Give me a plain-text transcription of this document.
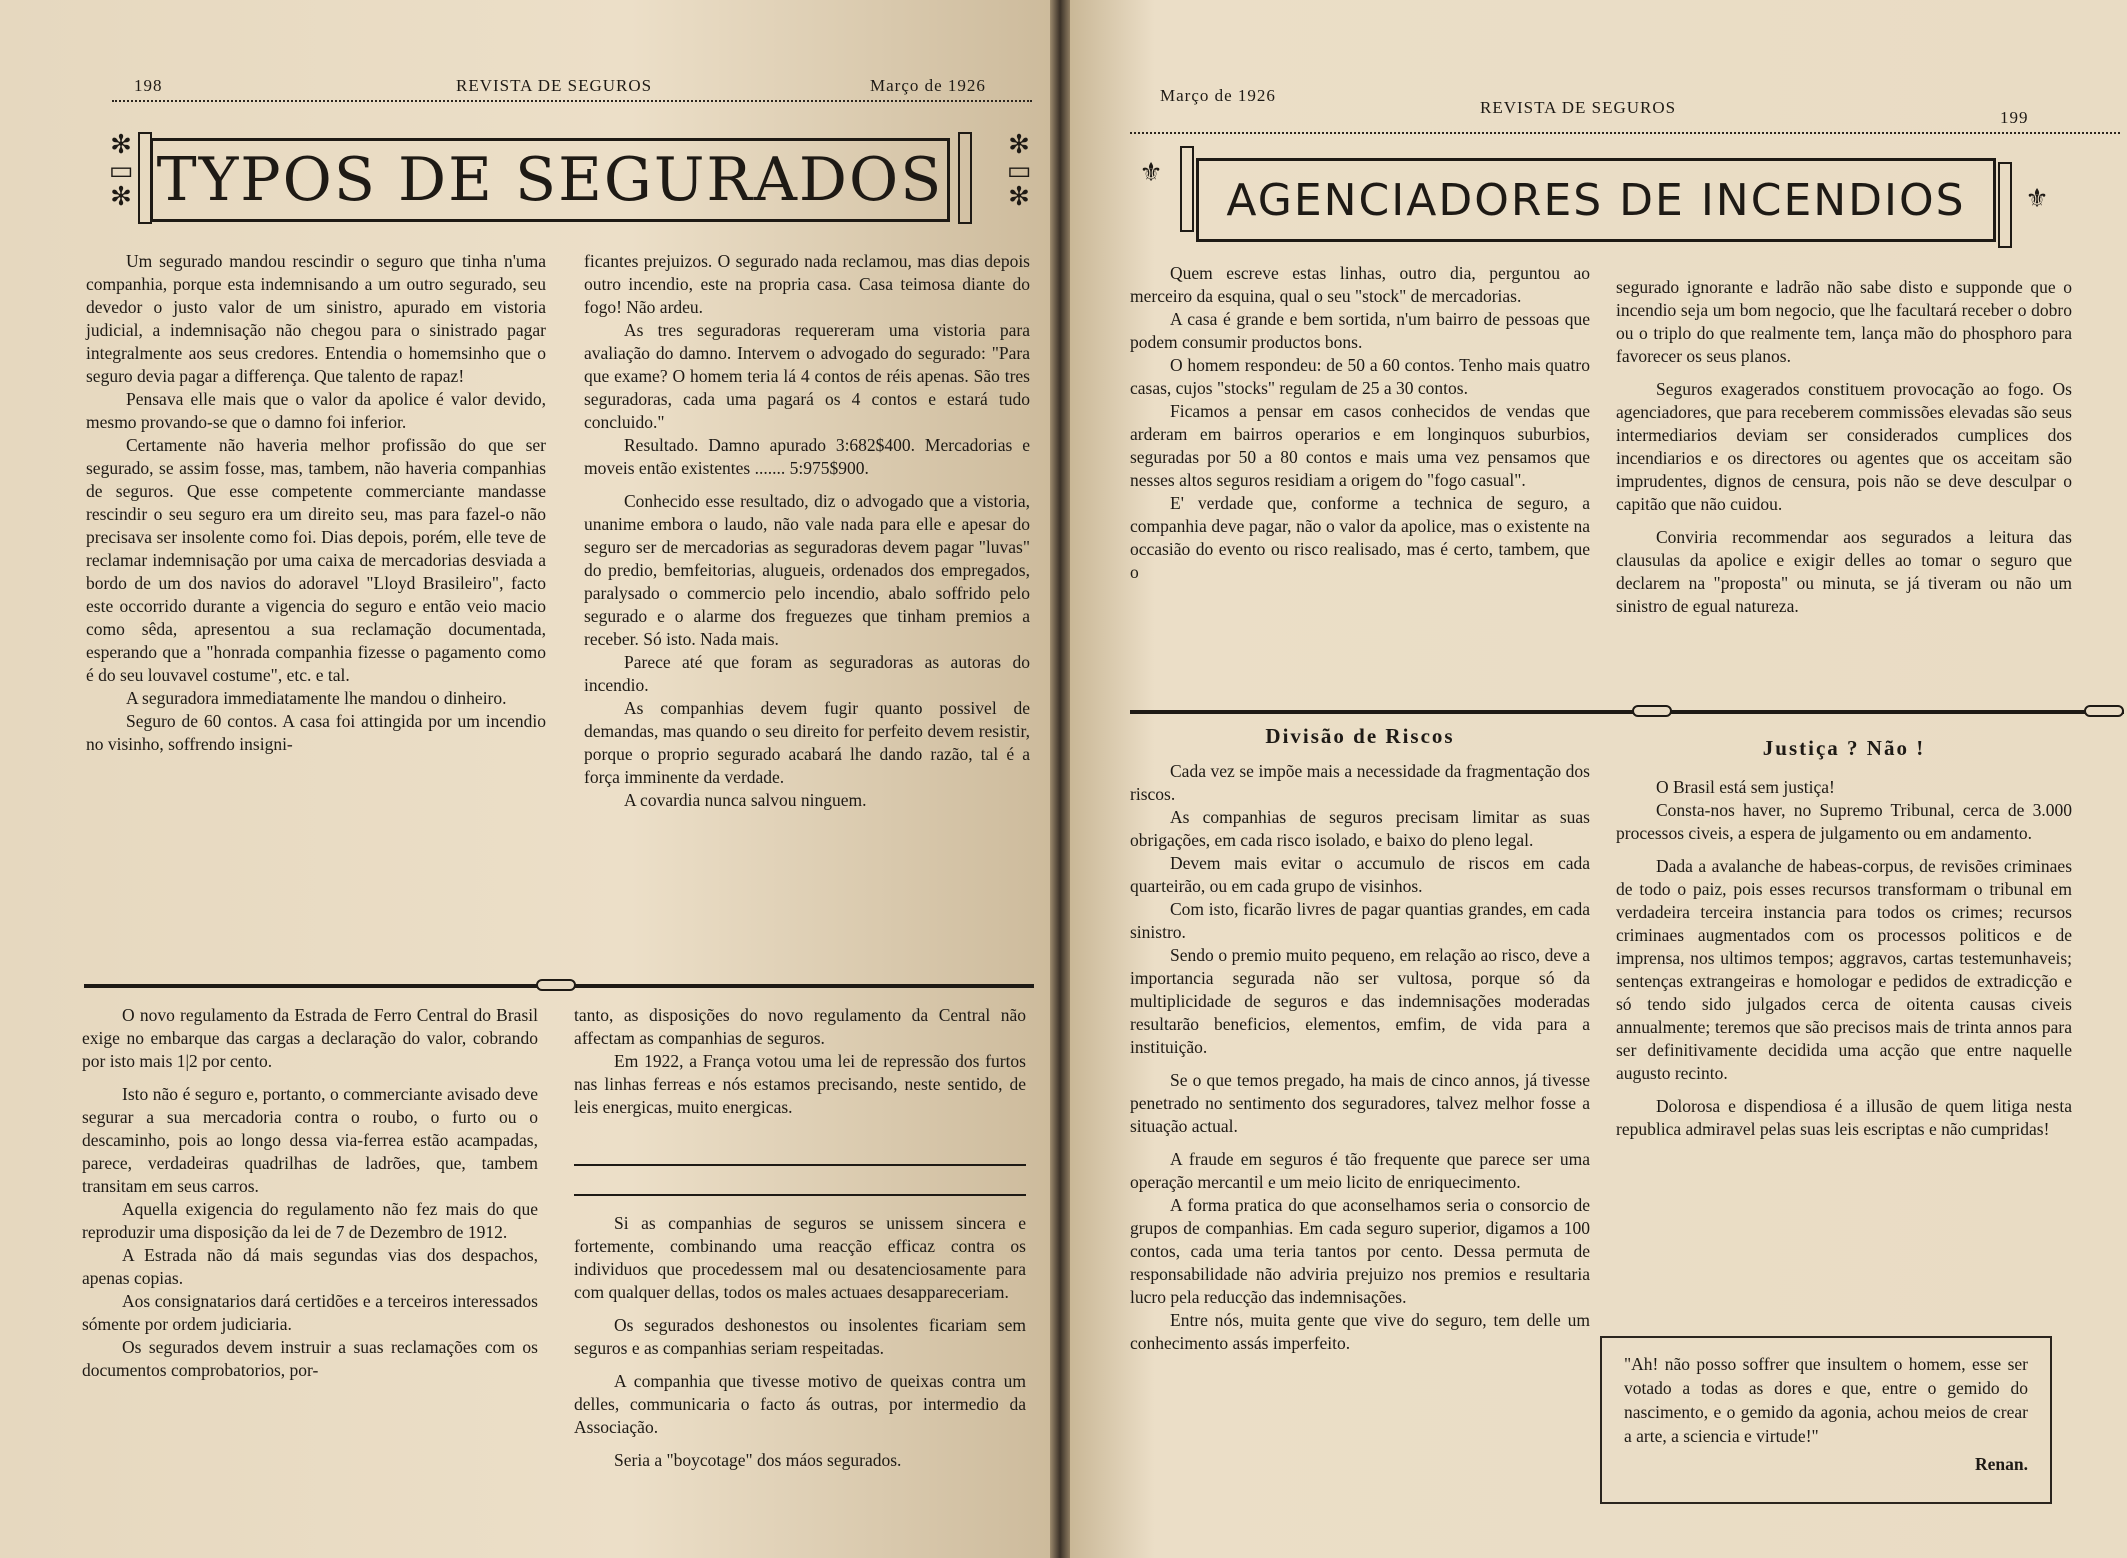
198	REVISTA DE SEGUROS	Março de 1926
✻
▭
✻ TYPOS DE SEGURADOS
✻
▭
✻

Um segurado mandou rescindir o seguro que tinha n'uma companhia, porque esta indemnisando a um outro segurado, seu devedor o justo valor de um sinistro, apurado em vistoria judicial, a indemnisação não chegou para o sinistrado pagar integralmente aos seus credores. Entendia o homemsinho que o seguro devia pagar a differença. Que talento de rapaz!

Pensava elle mais que o valor da apolice é valor devido, mesmo provando-se que o damno foi inferior.

Certamente não haveria melhor profissão do que ser segurado, se assim fosse, mas, tambem, não haveria companhias de seguros. Que esse competente commerciante mandasse rescindir o seu seguro era um direito seu, mas para fazel-o não precisava ser insolente como foi. Dias depois, porém, elle teve de reclamar indemnisação por uma caixa de mercadorias desviada a bordo de um dos navios do adoravel "Lloyd Brasileiro", facto este occorrido durante a vigencia do seguro e então veio macio como sêda, apresentou a sua reclamação documentada, esperando que a "honrada companhia fizesse o pagamento como é do seu louvavel costume", etc. e tal.

A seguradora immediatamente lhe mandou o dinheiro.

Seguro de 60 contos. A casa foi attingida por um incendio no visinho, soffrendo insigni-

ficantes prejuizos. O segurado nada reclamou, mas dias depois outro incendio, este na propria casa. Casa teimosa diante do fogo! Não ardeu.

As tres seguradoras requereram uma vistoria para avaliação do damno. Intervem o advogado do segurado: "Para que exame? O homem teria lá 4 contos de réis apenas. São tres seguradoras, cada uma pagará os 4 contos e estará tudo concluido."

Resultado. Damno apurado 3:682$400. Mercadorias e moveis então existentes ....... 5:975$900.

Conhecido esse resultado, diz o advogado que a vistoria, unanime embora o laudo, não vale nada para elle e apesar do seguro ser de mercadorias as seguradoras devem pagar "luvas" do predio, bemfeitorias, alugueis, ordenados dos empregados, paralysado o commercio pelo incendio, abalo soffrido pelo segurado e o alarme dos freguezes que tinham premios a receber. Só isto. Nada mais.

Parece até que foram as seguradoras as autoras do incendio.

As companhias devem fugir quanto possivel de demandas, mas quando o seu direito for perfeito devem resistir, porque o proprio segurado acabará lhe dando razão, tal é a força imminente da verdade.

A covardia nunca salvou ninguem.

O novo regulamento da Estrada de Ferro Central do Brasil exige no embarque das cargas a declaração do valor, cobrando por isto mais 1|2 por cento.

Isto não é seguro e, portanto, o commerciante avisado deve segurar a sua mercadoria contra o roubo, o furto ou o descaminho, pois ao longo dessa via-ferrea estão acampadas, parece, verdadeiras quadrilhas de ladrões, que, tambem transitam em seus carros.

Aquella exigencia do regulamento não fez mais do que reproduzir uma disposição da lei de 7 de Dezembro de 1912.

A Estrada não dá mais segundas vias dos despachos, apenas copias.

Aos consignatarios dará certidões e a terceiros interessados sómente por ordem judiciaria.

Os segurados devem instruir a suas reclamações com os documentos comprobatorios, por-

tanto, as disposições do novo regulamento da Central não affectam as companhias de seguros.

Em 1922, a França votou uma lei de repressão dos furtos nas linhas ferreas e nós estamos precisando, neste sentido, de leis energicas, muito energicas.

Si as companhias de seguros se unissem sincera e fortemente, combinando uma reacção efficaz contra os individuos que procedessem mal ou desatenciosamente para com qualquer dellas, todos os males actuaes desappareceriam.

Os segurados deshonestos ou insolentes ficariam sem seguros e as companhias seriam respeitadas.

A companhia que tivesse motivo de queixas contra um delles, communicaria o facto ás outras, por intermedio da Associação.

Seria a "boycotage" dos máos segurados.

Março de 1926
REVISTA DE SEGUROS
199
⚜
AGENCIADORES DE INCENDIOS	⚜

Quem escreve estas linhas, outro dia, perguntou ao merceiro da esquina, qual o seu "stock" de mercadorias.

A casa é grande e bem sortida, n'um bairro de pessoas que podem consumir productos bons.

O homem respondeu: de 50 a 60 contos. Tenho mais quatro casas, cujos "stocks" regulam de 25 a 30 contos.

Ficamos a pensar em casos conhecidos de vendas que arderam em bairros operarios e em longinquos suburbios, seguradas por 50 a 80 contos e mais uma vez pensamos que nesses altos seguros residiam a origem do "fogo casual".

E' verdade que, conforme a technica de seguro, a companhia deve pagar, não o valor da apolice, mas o existente na occasião do evento ou risco realisado, mas é certo, tambem, que o

segurado ignorante e ladrão não sabe disto e supponde que o incendio seja um bom negocio, que lhe facultará receber o dobro ou o triplo do que realmente tem, lança mão do phosphoro para favorecer os seus planos.

Seguros exagerados constituem provocação ao fogo. Os agenciadores, que para receberem commissões elevadas são seus intermediarios deviam ser considerados cumplices dos incendiarios e os directores ou agentes que os acceitam são imprudentes, dignos de censura, pois não se deve desculpar o capitão que não cuidou.

Conviria recommendar aos segurados a leitura das clausulas da apolice e exigir delles ao tomar o seguro que declarem na "proposta" ou minuta, se já tiveram ou não um sinistro de egual natureza.

Divisão de Riscos

Cada vez se impõe mais a necessidade da fragmentação dos riscos.

As companhias de seguros precisam limitar as suas obrigações, em cada risco isolado, e baixo do pleno legal.

Devem mais evitar o accumulo de riscos em cada quarteirão, ou em cada grupo de visinhos.

Com isto, ficarão livres de pagar quantias grandes, em cada sinistro.

Sendo o premio muito pequeno, em relação ao risco, deve a importancia segurada não ser vultosa, porque só da multiplicidade de seguros e das indemnisações moderadas resultarão beneficios, elementos, emfim, de vida para a instituição.

Se o que temos pregado, ha mais de cinco annos, já tivesse penetrado no sentimento dos seguradores, talvez melhor fosse a situação actual.

A fraude em seguros é tão frequente que parece ser uma operação mercantil e um meio licito de enriquecimento.

A forma pratica do que aconselhamos seria o consorcio de grupos de companhias. Em cada seguro superior, digamos a 100 contos, cada uma teria tantos por cento. Dessa permuta de responsabilidade não adviria prejuizo nos premios e resultaria lucro pela reducção das indemnisações.

Entre nós, muita gente que vive do seguro, tem delle um conhecimento assás imperfeito.

Justiça ? Não !

O Brasil está sem justiça!

Consta-nos haver, no Supremo Tribunal, cerca de 3.000 processos civeis, a espera de julgamento ou em andamento.

Dada a avalanche de habeas-corpus, de revisões criminaes de todo o paiz, pois esses recursos transformam o tribunal em verdadeira terceira instancia para todos os crimes; recursos criminaes augmentados com os processos politicos e de imprensa, nos ultimos tempos; aggravos, cartas testemunhaveis; sentenças extrangeiras e homologar e pedidos de extradicção e só tendo sido julgados cerca de oitenta causas civeis annualmente; teremos que são precisos mais de trinta annos para ser definitivamente decidida uma acção que entre naquelle augusto recinto.

Dolorosa e dispendiosa é a illusão de quem litiga nesta republica admiravel pelas suas leis escriptas e não cumpridas!

"Ah! não posso soffrer que insultem o homem, esse ser votado a todas as dores e que, entre o gemido do nascimento, e o gemido da agonia, achou meios de crear a arte, a sciencia e virtude!"
Renan.
